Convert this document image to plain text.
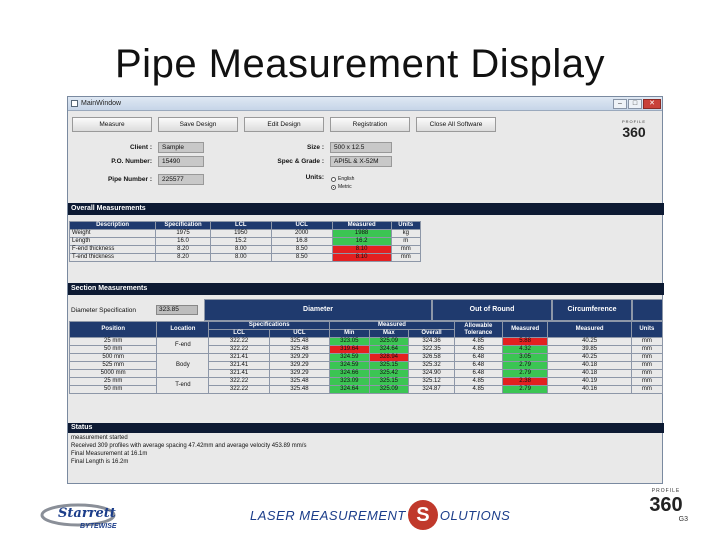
Pipe Measurement Display
MainWindow	–	□	✕
Measure	Save Design	Edit Design	Registration	Close All Software
Client :	Sample
P.O. Number:	15490
Pipe Number :	225577
Size :	500 x 12.5
Spec & Grade :	API5L & X-52M
Units:	English
Metric
PROFILE
360
Overall Measurements
Description	Specification	LCL	UCL	Measured	Units
Weight	1975	1950	2000	1988	kg
Length	16.0	15.2	16.8	16.2	m
F-end thickness	8.20	8.00	8.50	8.10	mm
T-end thickness	8.20	8.00	8.50	8.10	mm
Section Measurements
Diameter Specification	323.85	Diameter	Out of Round	Circumference
Position	Location	Specifications		Measured			Allowable Tolerance	Measured	Measured	Units
		LCL	UCL	Min	Max	Overall				
25 mm	F-end	322.22	325.48	323.05	325.09	324.36	4.85	5.88	40.25	mm
50 mm		322.22	325.48	319.64	324.64	322.35	4.85	4.32	39.85	mm
500 mm	Body	321.41	329.29	324.59	328.94	326.58	6.48	3.05	40.25	mm
525 mm		321.41	329.29	324.59	325.15	325.32	6.48	2.79	40.18	mm
5000 mm		321.41	329.29	324.66	325.42	324.90	6.48	2.79	40.18	mm
25 mm	T-end	322.22	325.48	323.09	325.15	325.12	4.85	2.38	40.19	mm
50 mm		322.22	325.48	324.64	325.09	324.87	4.85	2.79	40.16	mm
Status
measurement started
Received 309 profiles with average spacing 47.42mm and average velocity 453.89 mm/s
Final Measurement at 16.1m
Final Length is 16.2m
Starrett
BYTEWISE
LASER MEASUREMENT S OLUTIONS
PROFILE
360
G3
